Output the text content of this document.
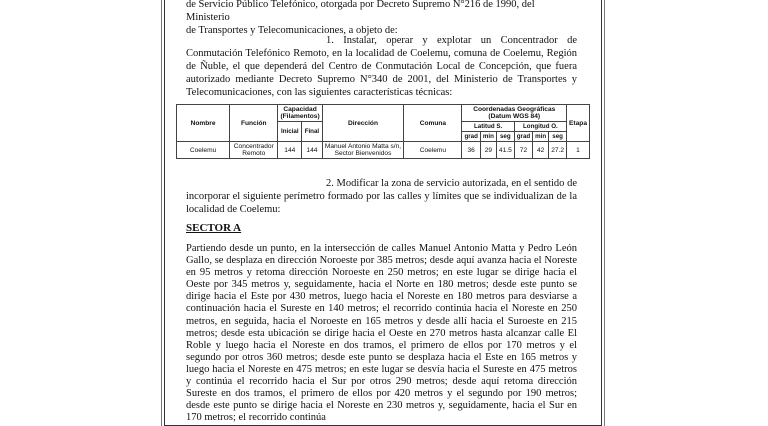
de Servicio Público Telefónico, otorgada por Decreto Supremo N°216 de 1990, del Ministerio
de Transportes y Telecomunicaciones, a objeto de:

1. Instalar, operar y explotar un Concentrador de Conmutación Telefónico Remoto, en la localidad de Coelemu, comuna de Coelemu, Región de Ñuble, el que dependerá del Centro de Conmutación Local de Concepción, que fuera autorizado mediante Decreto Supremo N°340 de 2001, del Ministerio de Transportes y Telecomunicaciones, con las siguientes características técnicas:

Nombre	Función	Capacidad (Filamentos)		Dirección	Comuna	Coordenadas Geográficas (Datum WGS 84)						Etapa
		Inicial	Final			Latitud S.			Longitud O.			
						grad	min	seg	grad	min	seg	
Coelemu	Concentrador Remoto	144	144	Manuel Antonio Matta s/n, Sector Bienvenidos	Coelemu	36	29	41.5	72	42	27.2	1

2. Modificar la zona de servicio autorizada, en el sentido de incorporar el siguiente perímetro formado por las calles y límites que se individualizan de la localidad de Coelemu:

SECTOR A

Partiendo desde un punto, en la intersección de calles Manuel Antonio Matta y Pedro León Gallo, se desplaza en dirección Noroeste por 385 metros; desde aquí avanza hacia el Noreste en 95 metros y retoma dirección Noroeste en 250 metros; en este lugar se dirige hacia el Oeste por 345 metros y, seguidamente, hacia el Norte en 180 metros; desde este punto se dirige hacia el Este por 430 metros, luego hacia el Noreste en 180 metros para desviarse a continuación hacia el Sureste en 140 metros; el recorrido continúa hacia el Noreste en 250 metros, en seguida, hacia el Noroeste en 165 metros y desde allí hacia el Suroeste en 215 metros; desde esta ubicación se dirige hacia el Oeste en 270 metros hasta alcanzar calle El Roble y luego hacia el Noreste en dos tramos, el primero de ellos por 170 metros y el segundo por otros 360 metros; desde este punto se desplaza hacia el Este en 165 metros y luego hacia el Noreste en 475 metros; en este lugar se desvía hacia el Sureste en 475 metros y continúa el recorrido hacia el Sur por otros 290 metros; desde aquí retoma dirección Sureste en dos tramos, el primero de ellos por 420 metros y el segundo por 190 metros; desde este punto se dirige hacia el Noreste en 230 metros y, seguidamente, hacia el Sur en 170 metros; el recorrido continúa
